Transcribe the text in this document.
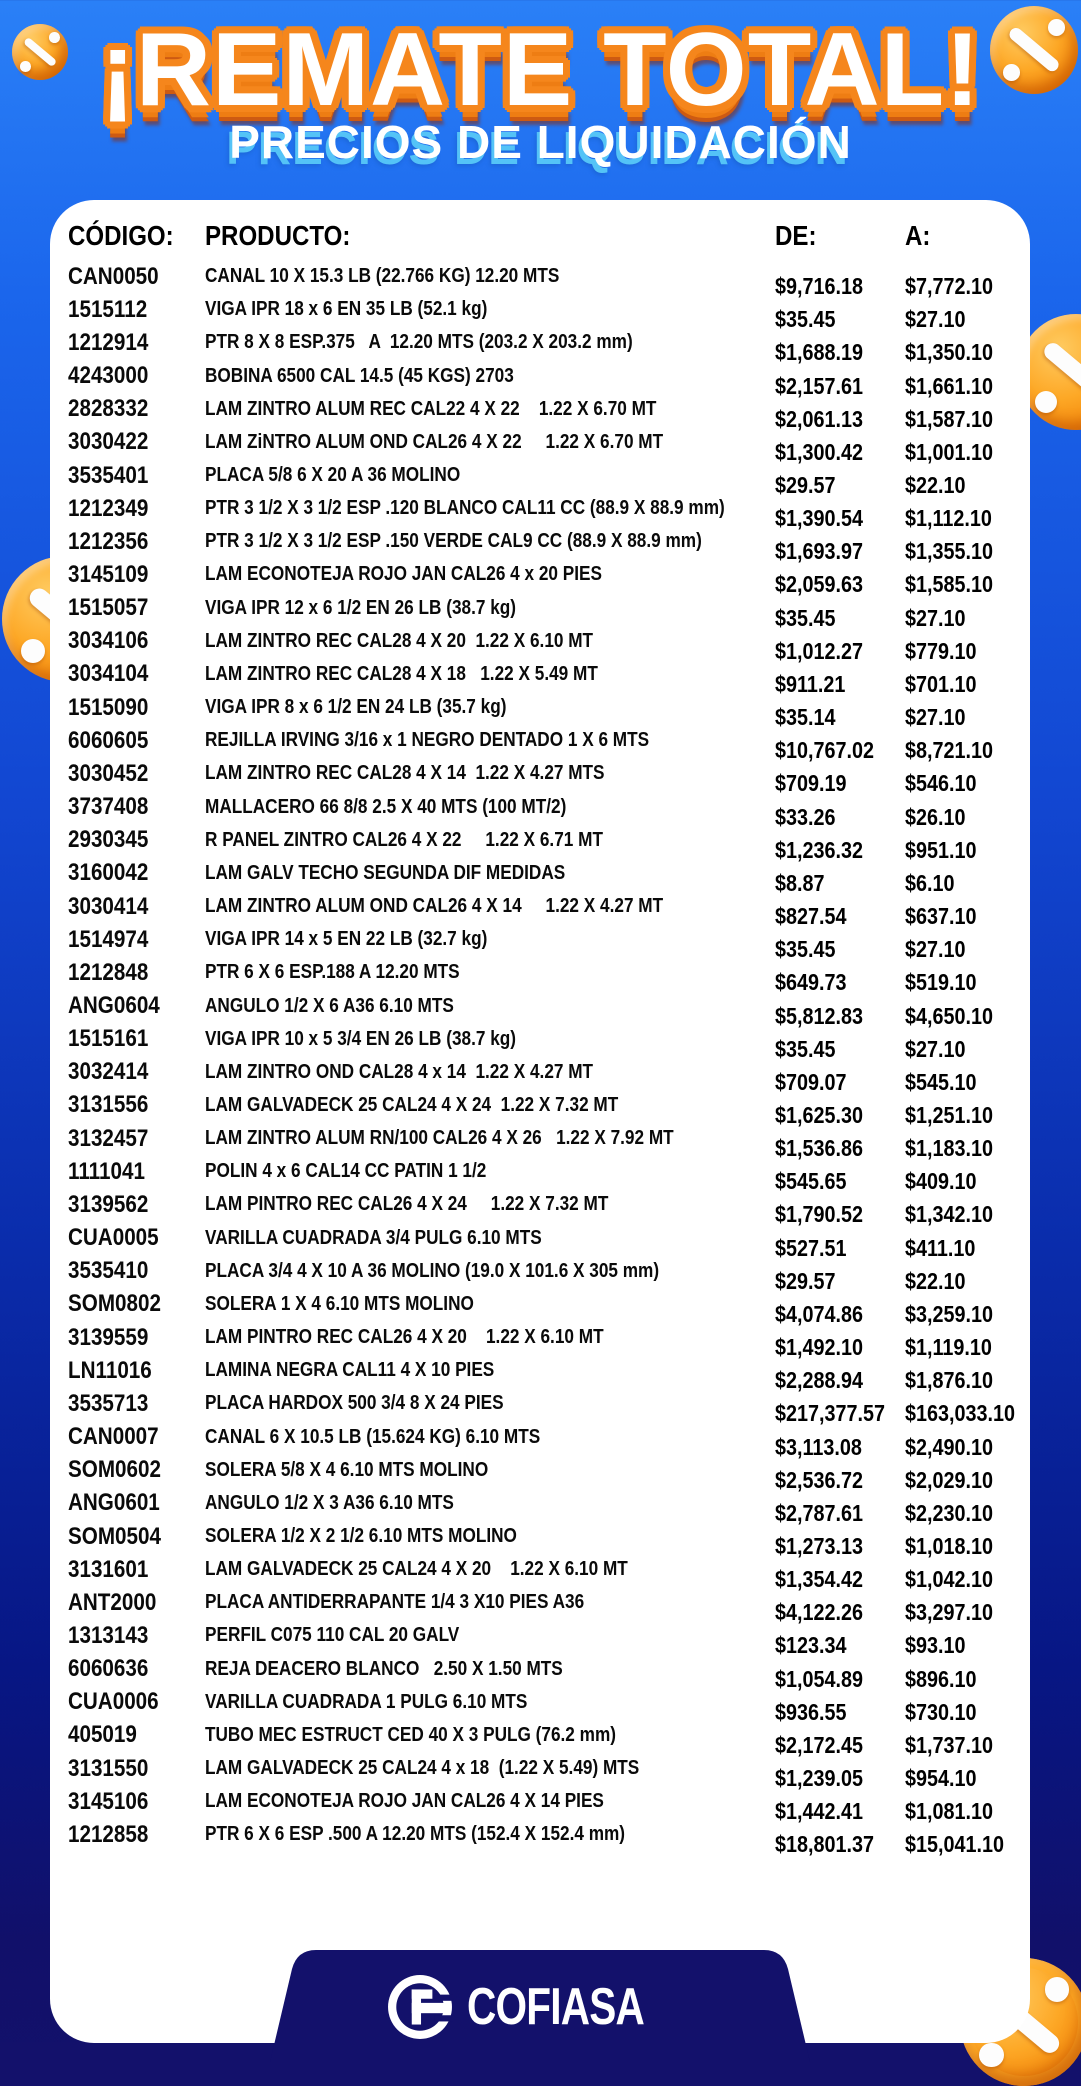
¡REMATE TOTAL!
PRECIOS DE LIQUIDACIÓN
CÓDIGO:	PRODUCTO:	DE:	A:
CAN0050	CANAL 10 X 15.3 LB (22.766 KG) 12.20 MTS	$9,716.18	$7,772.10
1515112	VIGA IPR 18 x 6 EN 35 LB (52.1 kg)	$35.45	$27.10
1212914	PTR 8 X 8 ESP.375   A  12.20 MTS (203.2 X 203.2 mm)	$1,688.19	$1,350.10
4243000	BOBINA 6500 CAL 14.5 (45 KGS) 2703	$2,157.61	$1,661.10
2828332	LAM ZINTRO ALUM REC CAL22 4 X 22    1.22 X 6.70 MT	$2,061.13	$1,587.10
3030422	LAM ZiNTRO ALUM OND CAL26 4 X 22     1.22 X 6.70 MT	$1,300.42	$1,001.10
3535401	PLACA 5/8 6 X 20 A 36 MOLINO	$29.57	$22.10
1212349	PTR 3 1/2 X 3 1/2 ESP .120 BLANCO CAL11 CC (88.9 X 88.9 mm)	$1,390.54	$1,112.10
1212356	PTR 3 1/2 X 3 1/2 ESP .150 VERDE CAL9 CC (88.9 X 88.9 mm)	$1,693.97	$1,355.10
3145109	LAM ECONOTEJA ROJO JAN CAL26 4 x 20 PIES	$2,059.63	$1,585.10
1515057	VIGA IPR 12 x 6 1/2 EN 26 LB (38.7 kg)	$35.45	$27.10
3034106	LAM ZINTRO REC CAL28 4 X 20  1.22 X 6.10 MT	$1,012.27	$779.10
3034104	LAM ZINTRO REC CAL28 4 X 18   1.22 X 5.49 MT	$911.21	$701.10
1515090	VIGA IPR 8 x 6 1/2 EN 24 LB (35.7 kg)	$35.14	$27.10
6060605	REJILLA IRVING 3/16 x 1 NEGRO DENTADO 1 X 6 MTS	$10,767.02	$8,721.10
3030452	LAM ZINTRO REC CAL28 4 X 14  1.22 X 4.27 MTS	$709.19	$546.10
3737408	MALLACERO 66 8/8 2.5 X 40 MTS (100 MT/2)	$33.26	$26.10
2930345	R PANEL ZINTRO CAL26 4 X 22     1.22 X 6.71 MT	$1,236.32	$951.10
3160042	LAM GALV TECHO SEGUNDA DIF MEDIDAS	$8.87	$6.10
3030414	LAM ZINTRO ALUM OND CAL26 4 X 14     1.22 X 4.27 MT	$827.54	$637.10
1514974	VIGA IPR 14 x 5 EN 22 LB (32.7 kg)	$35.45	$27.10
1212848	PTR 6 X 6 ESP.188 A 12.20 MTS	$649.73	$519.10
ANG0604	ANGULO 1/2 X 6 A36 6.10 MTS	$5,812.83	$4,650.10
1515161	VIGA IPR 10 x 5 3/4 EN 26 LB (38.7 kg)	$35.45	$27.10
3032414	LAM ZINTRO OND CAL28 4 x 14  1.22 X 4.27 MT	$709.07	$545.10
3131556	LAM GALVADECK 25 CAL24 4 X 24  1.22 X 7.32 MT	$1,625.30	$1,251.10
3132457	LAM ZINTRO ALUM RN/100 CAL26 4 X 26   1.22 X 7.92 MT	$1,536.86	$1,183.10
1111041	POLIN 4 x 6 CAL14 CC PATIN 1 1/2	$545.65	$409.10
3139562	LAM PINTRO REC CAL26 4 X 24     1.22 X 7.32 MT	$1,790.52	$1,342.10
CUA0005	VARILLA CUADRADA 3/4 PULG 6.10 MTS	$527.51	$411.10
3535410	PLACA 3/4 4 X 10 A 36 MOLINO (19.0 X 101.6 X 305 mm)	$29.57	$22.10
SOM0802	SOLERA 1 X 4 6.10 MTS MOLINO	$4,074.86	$3,259.10
3139559	LAM PINTRO REC CAL26 4 X 20    1.22 X 6.10 MT	$1,492.10	$1,119.10
LN11016	LAMINA NEGRA CAL11 4 X 10 PIES	$2,288.94	$1,876.10
3535713	PLACA HARDOX 500 3/4 8 X 24 PIES	$217,377.57 $163,033.10
CAN0007	CANAL 6 X 10.5 LB (15.624 KG) 6.10 MTS	$3,113.08	$2,490.10
SOM0602	SOLERA 5/8 X 4 6.10 MTS MOLINO	$2,536.72	$2,029.10
ANG0601	ANGULO 1/2 X 3 A36 6.10 MTS	$2,787.61	$2,230.10
SOM0504	SOLERA 1/2 X 2 1/2 6.10 MTS MOLINO	$1,273.13	$1,018.10
3131601	LAM GALVADECK 25 CAL24 4 X 20    1.22 X 6.10 MT	$1,354.42	$1,042.10
ANT2000	PLACA ANTIDERRAPANTE 1/4 3 X10 PIES A36	$4,122.26	$3,297.10
1313143	PERFIL C075 110 CAL 20 GALV	$123.34	$93.10
6060636	REJA DEACERO BLANCO   2.50 X 1.50 MTS	$1,054.89	$896.10
CUA0006	VARILLA CUADRADA 1 PULG 6.10 MTS	$936.55	$730.10
405019	TUBO MEC ESTRUCT CED 40 X 3 PULG (76.2 mm)	$2,172.45	$1,737.10
3131550	LAM GALVADECK 25 CAL24 4 x 18  (1.22 X 5.49) MTS	$1,239.05	$954.10
3145106	LAM ECONOTEJA ROJO JAN CAL26 4 X 14 PIES	$1,442.41	$1,081.10
1212858	PTR 6 X 6 ESP .500 A 12.20 MTS (152.4 X 152.4 mm)	$18,801.37	$15,041.10
COFIASA
